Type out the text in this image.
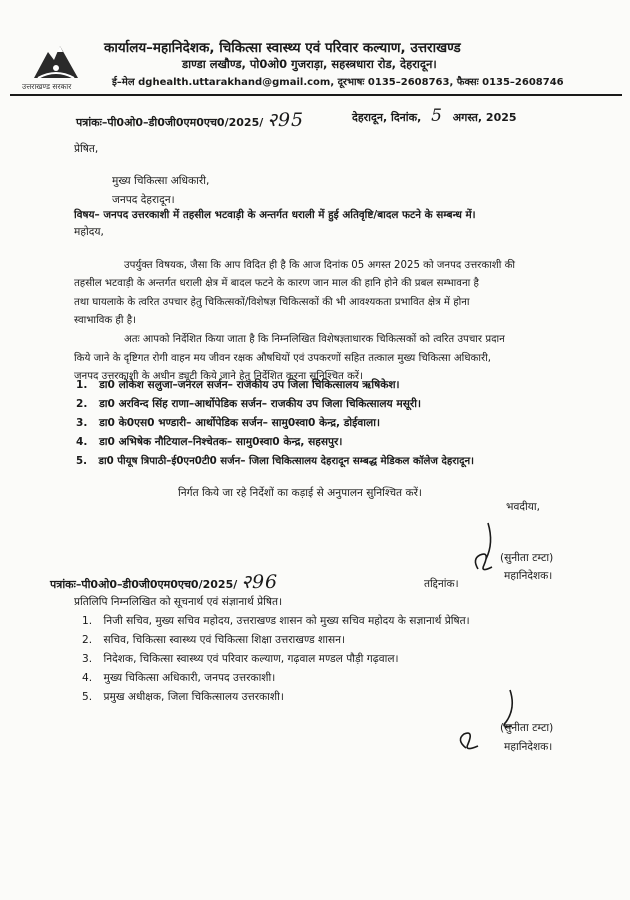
उत्तराखण्ड सरकार
कार्यालय–महानिदेशक, चिकित्सा स्वास्थ्य एवं परिवार कल्याण, उत्तराखण्ड
डाण्डा लखौण्ड, पो0ओ0 गुजराड़ा, सहस्त्रधारा रोड, देहरादून।
ई–मेल dghealth.uttarakhand@gmail.com, दूरभाषः 0135–2608763, फैक्सः 0135–2608746
पत्रांकः–पी0ओ0–डी0जी0एम0एच0/2025/ २95	देहरादून, दिनांक, 5 अगस्त, 2025
प्रेषित,
मुख्य चिकित्सा अधिकारी,
जनपद देहरादून।
विषय– जनपद उत्तरकाशी में तहसील भटवाड़ी के अन्तर्गत धराली में हुई अतिवृष्टि/बादल फटने के सम्बन्ध में।
महोदय,
उपर्युक्त विषयक, जैसा कि आप विदित ही है कि आज दिनांक 05 अगस्त 2025 को जनपद उत्तरकाशी की
तहसील भटवाड़ी के अन्तर्गत धराली क्षेत्र में बादल फटने के कारण जान माल की हानि होने की प्रबल सम्भावना है
तथा घायलाके के त्वरित उपचार हेतु चिकित्सकों/विशेषज्ञ चिकित्सकों की भी आवश्यकता प्रभावित क्षेत्र में होना
स्वाभाविक ही है।
अतः आपको निर्देशित किया जाता है कि निम्नलिखित विशेषज्ञ्ताधारक चिकित्सकों को त्वरित उपचार प्रदान
किये जाने के दृष्टिगत रोगी वाहन मय जीवन रक्षक औषधियों एवं उपकरणों सहित तत्काल मुख्य चिकित्सा अधिकारी,
जनपद उत्तरकाशी के अधीन ड्यूटी किये जाने हेतु निर्देशित करना सुनिश्चित करें।
1. डा0 लोकेश सलुजा–जनरल सर्जन– राजकीय उप जिला चिकित्सालय ऋषिकेश।
2. डा0 अरविन्द सिंह राणा–आर्थोपेडिक सर्जन– राजकीय उप जिला चिकित्सालय मसूरी।
3. डा0 के0एस0 भण्डारी– आर्थोपेडिक सर्जन– सामु0स्वा0 केन्द्र, डोईवाला।
4. डा0 अभिषेक नौटियाल–निश्चेतक– सामु0स्वा0 केन्द्र, सहसपुर।
5. डा0 पीयूष त्रिपाठी–ई0एन0टी0 सर्जन– जिला चिकित्सालय देहरादून सम्बद्ध मेडिकल कॉलेज देहरादून।
निर्गत किये जा रहे निर्देशों का कड़ाई से अनुपालन सुनिश्चित करें।
भवदीया,
(सुनीता टम्टा)
महानिदेशक।
पत्रांकः–पी0ओ0–डी0जी0एम0एच0/2025/ २96	तद्दिनांक।
प्रतिलिपि निम्नलिखित को सूचनार्थ एवं संज्ञानार्थ प्रेषित।
1. निजी सचिव, मुख्य सचिव महोदय, उत्तराखण्ड शासन को मुख्य सचिव महोदय के सज्ञानार्थ प्रेषित।
2. सचिव, चिकित्सा स्वास्थ्य एवं चिकित्सा शिक्षा उत्तराखण्ड शासन।
3. निदेशक, चिकित्सा स्वास्थ्य एवं परिवार कल्याण, गढ़वाल मण्डल पौड़ी गढ़वाल।
4. मुख्य चिकित्सा अधिकारी, जनपद उत्तरकाशी।
5. प्रमुख अधीक्षक, जिला चिकित्सालय उत्तरकाशी।
(सुनीता टम्टा)
महानिदेशक।
